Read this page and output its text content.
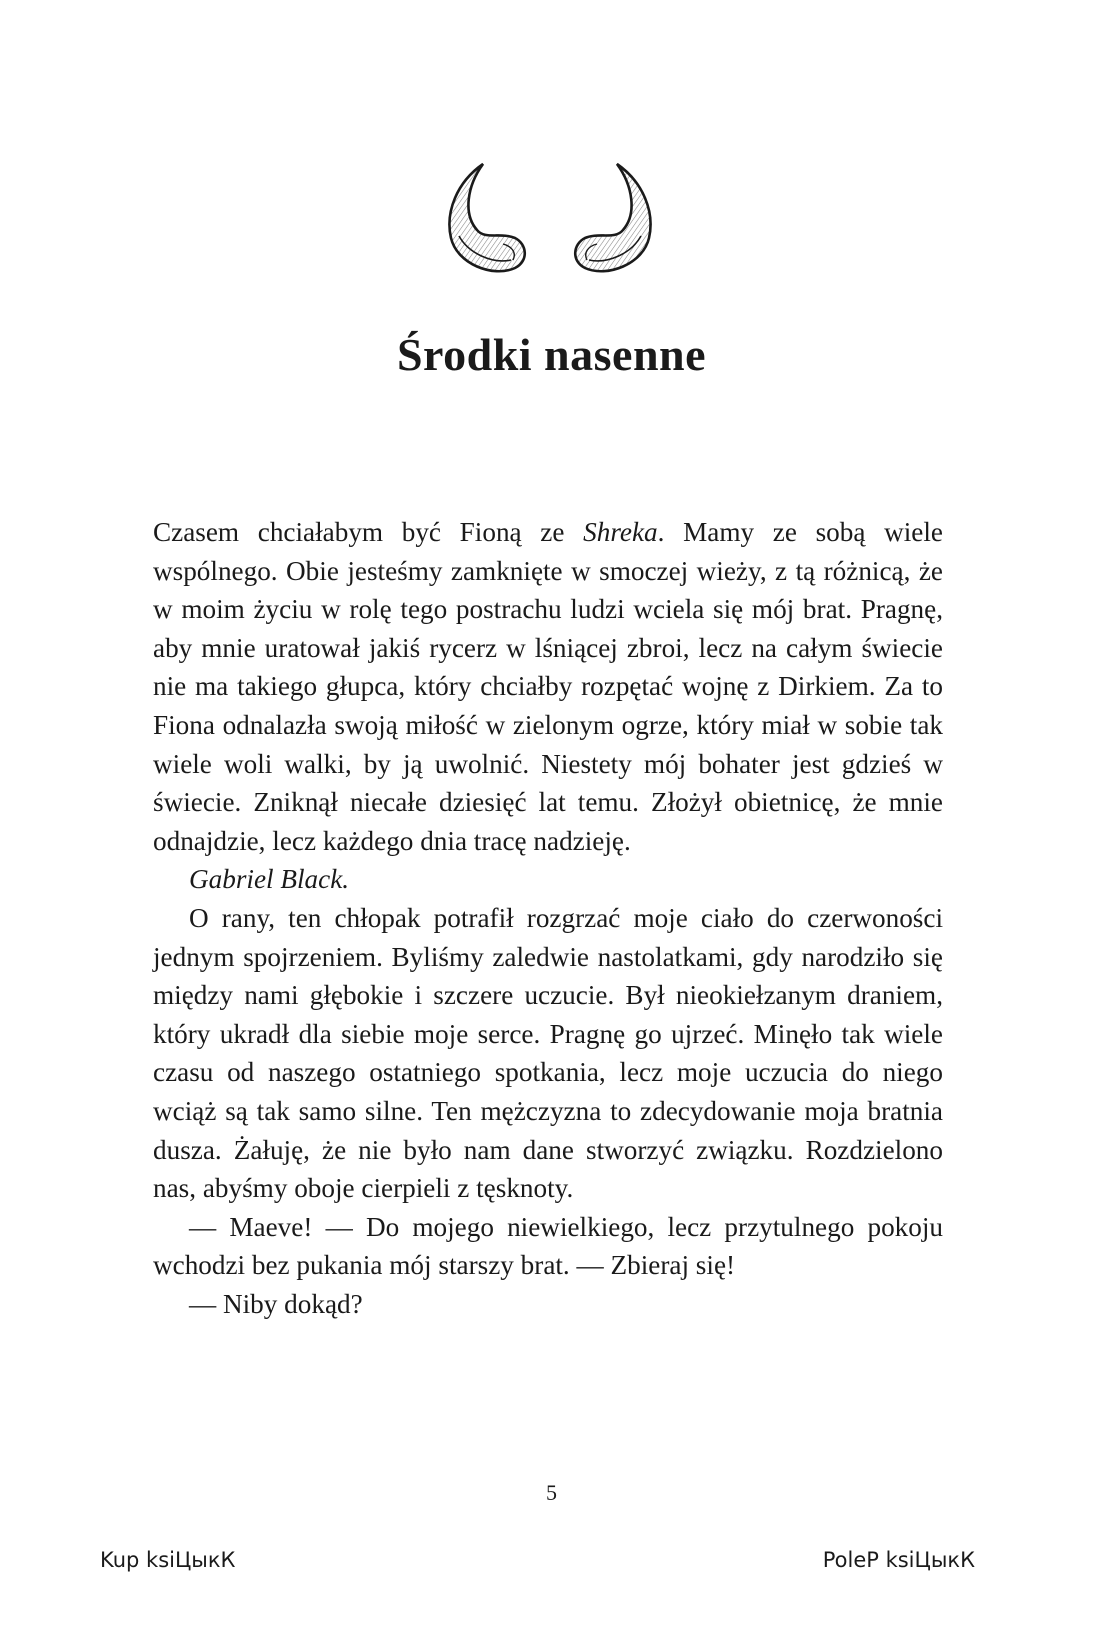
Środki nasenne

Czasem chciałabym być Fioną ze Shreka. Mamy ze sobą wiele wspólnego. Obie jesteśmy zamknięte w smoczej wieży, z tą różnicą, że w moim życiu w rolę tego postrachu ludzi wciela się mój brat. Pragnę, aby mnie uratował jakiś rycerz w lśniącej zbroi, lecz na całym świecie nie ma takiego głupca, który chciałby rozpętać wojnę z Dirkiem. Za to Fiona odnalazła swoją miłość w zielonym ogrze, który miał w sobie tak wiele woli walki, by ją uwolnić. Niestety mój bohater jest gdzieś w świecie. Zniknął niecałe dziesięć lat temu. Złożył obietnicę, że mnie odnajdzie, lecz każdego dnia tracę nadzieję.

Gabriel Black.

O rany, ten chłopak potrafił rozgrzać moje ciało do czerwoności jednym spojrzeniem. Byliśmy zaledwie nastolatkami, gdy narodziło się między nami głębokie i szczere uczucie. Był nieokiełzanym draniem, który ukradł dla siebie moje serce. Pragnę go ujrzeć. Minęło tak wiele czasu od naszego ostatniego spotkania, lecz moje uczucia do niego wciąż są tak samo silne. Ten mężczyzna to zdecydowanie moja bratnia dusza. Żałuję, że nie było nam dane stworzyć związku. Rozdzielono nas, abyśmy oboje cierpieli z tęsknoty.

— Maeve! — Do mojego niewielkiego, lecz przytulnego pokoju wchodzi bez pukania mój starszy brat. — Zbieraj się!

— Niby dokąd?

5
Kup ksiЦыкК	PoleР ksiЦыкК
